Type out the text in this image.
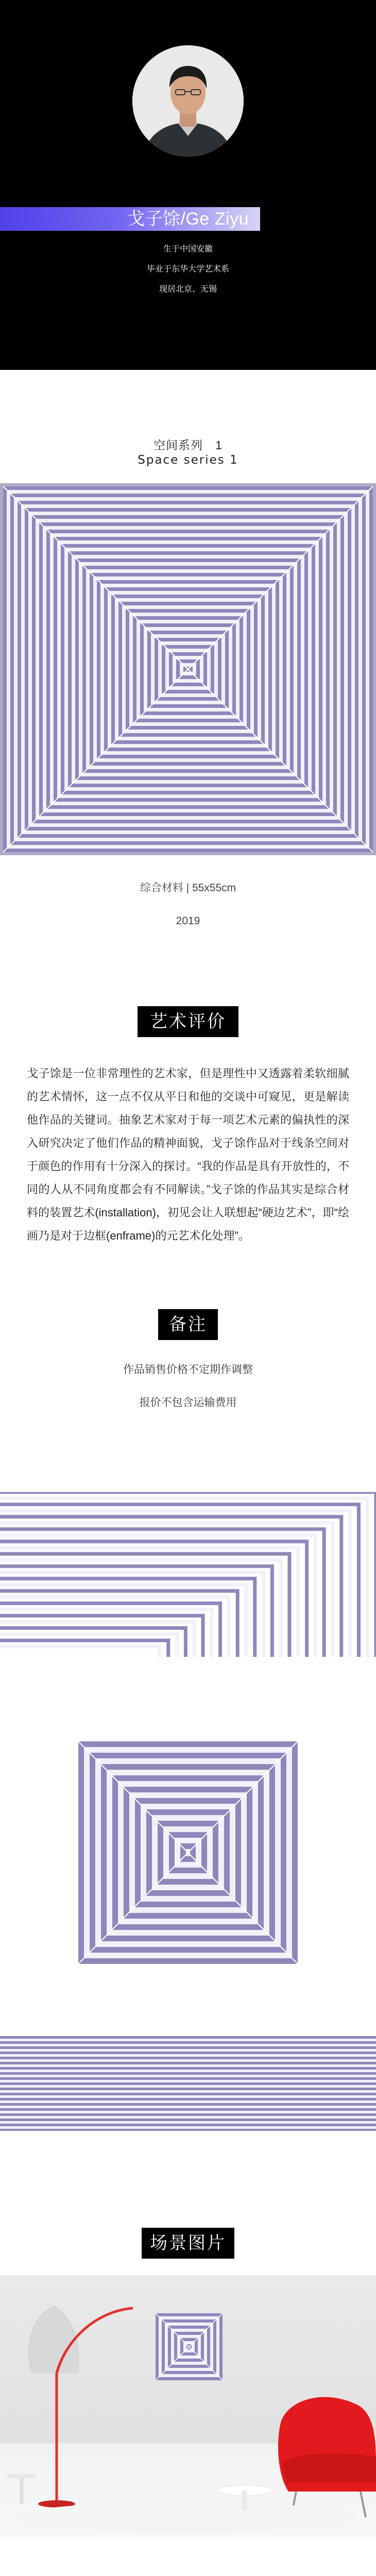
戈子馀/Ge Ziyu
生于中国安徽
毕业于东华大学艺术系
现居北京、无锡
空间系列　1
Space series 1
综合材料 | 55x55cm
2019
艺术评价

戈子馀是一位非常理性的艺术家，但是理性中又透露着柔软细腻的艺术情怀，这一点不仅从平日和他的交谈中可窥见，更是解读他作品的关键词。抽象艺术家对于每一项艺术元素的偏执性的深入研究决定了他们作品的精神面貌，戈子馀作品对于线条空间对于颜色的作用有十分深入的探讨。“我的作品是具有开放性的，不同的人从不同角度都会有不同解读。”戈子馀的作品其实是综合材料的装置艺术(installation)，初见会让人联想起“硬边艺术”，即“绘画乃是对于边框(enframe)的元艺术化处理”。

备注
作品销售价格不定期作调整
报价不包含运输费用
场景图片
